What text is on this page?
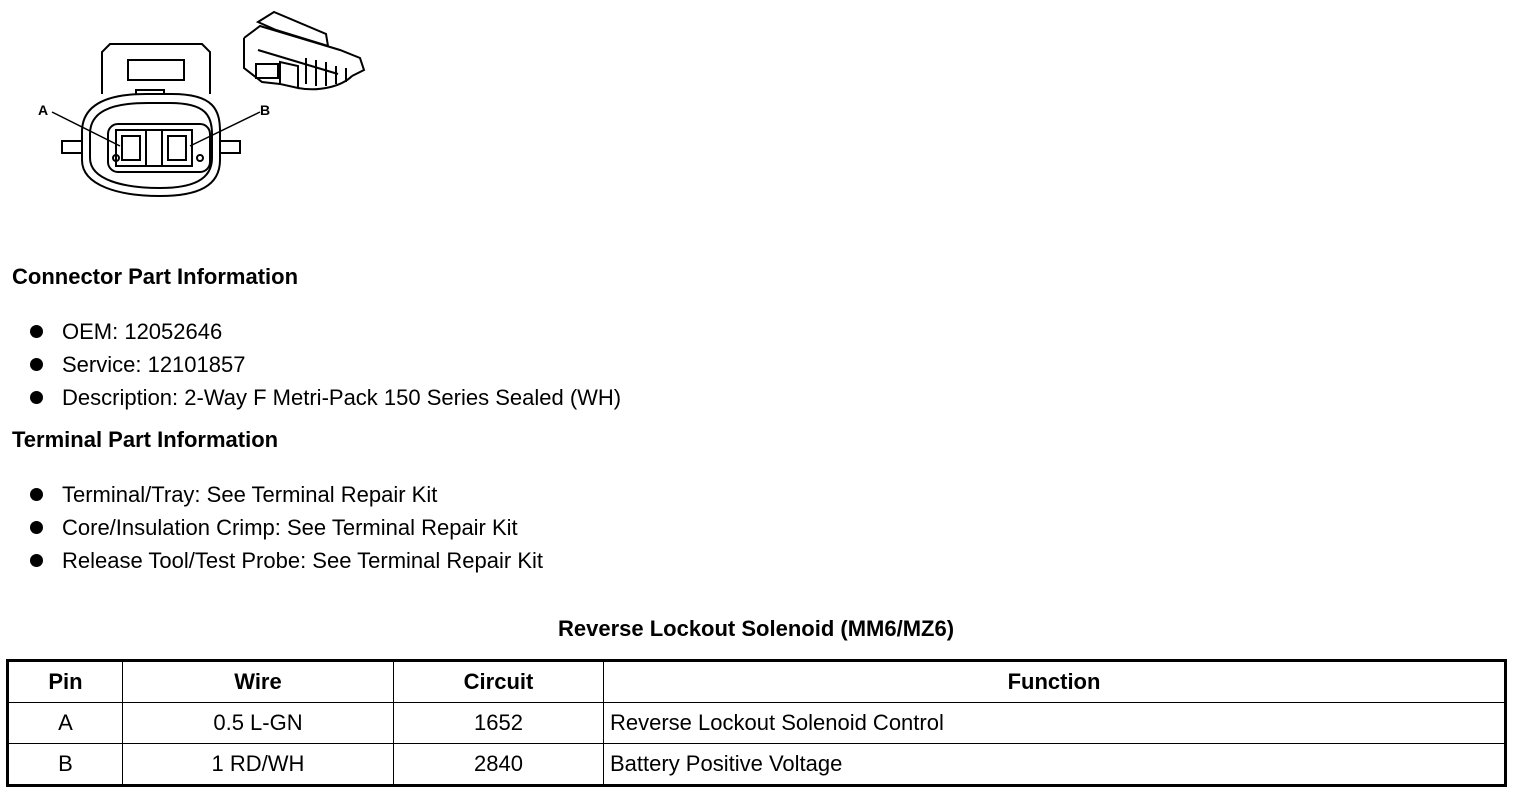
A	B
Connector Part Information
OEM: 12052646
Service: 12101857
Description: 2-Way F Metri-Pack 150 Series Sealed (WH)
Terminal Part Information
Terminal/Tray: See Terminal Repair Kit
Core/Insulation Crimp: See Terminal Repair Kit
Release Tool/Test Probe: See Terminal Repair Kit
Reverse Lockout Solenoid (MM6/MZ6)
Pin	Wire	Circuit	Function
A	0.5 L-GN	1652	Reverse Lockout Solenoid Control
B	1 RD/WH	2840	Battery Positive Voltage
